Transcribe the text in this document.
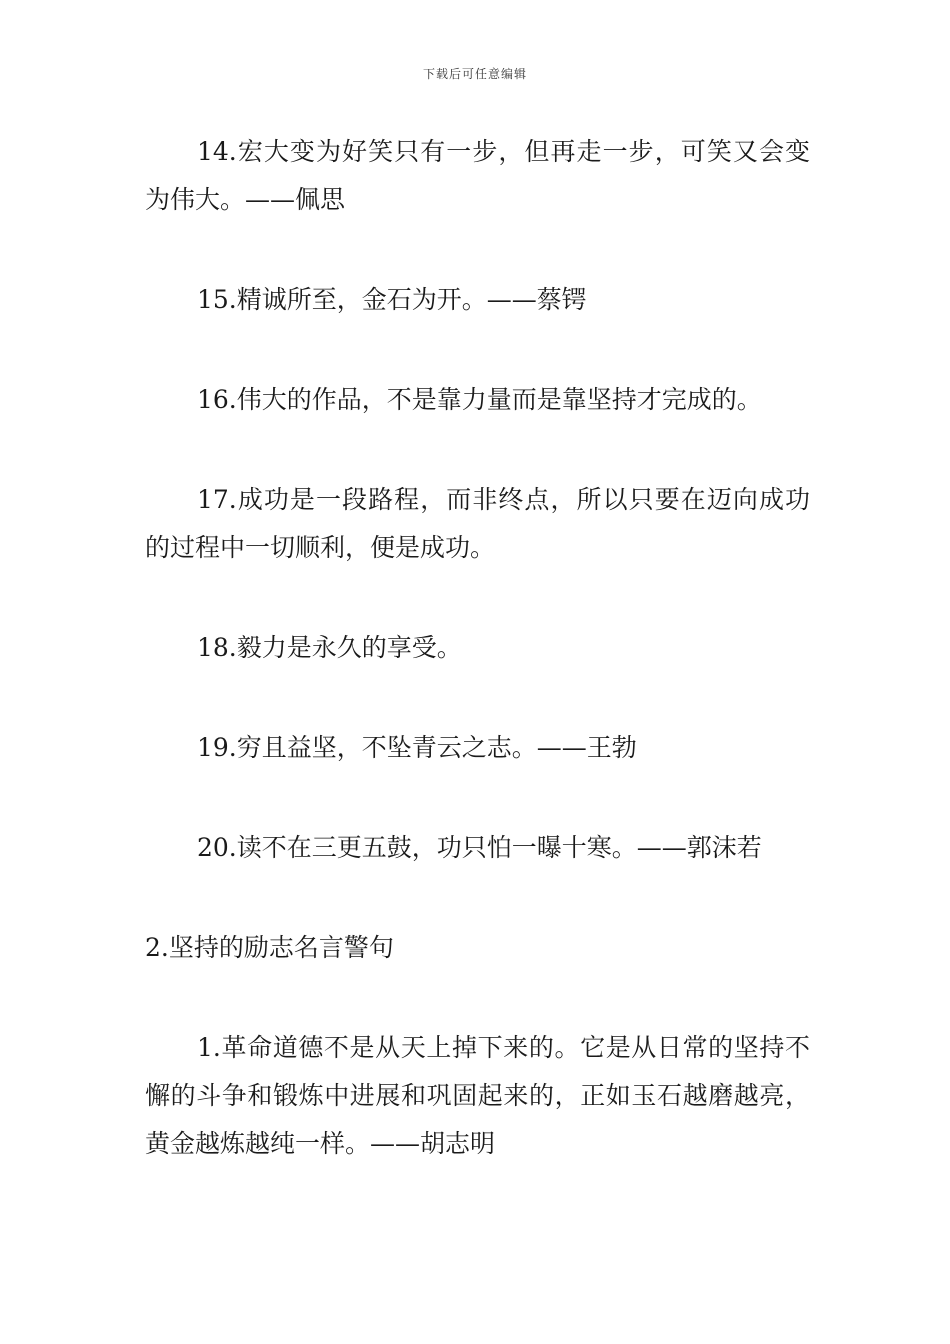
下载后可任意编辑

14.宏大变为好笑只有一步，但再走一步，可笑又会变为伟大。——佩思

15.精诚所至，金石为开。——蔡锷

16.伟大的作品，不是靠力量而是靠坚持才完成的。

17.成功是一段路程，而非终点，所以只要在迈向成功的过程中一切顺利，便是成功。

18.毅力是永久的享受。

19.穷且益坚，不坠青云之志。——王勃

20.读不在三更五鼓，功只怕一曝十寒。——郭沫若

2.坚持的励志名言警句

1.革命道德不是从天上掉下来的。它是从日常的坚持不懈的斗争和锻炼中进展和巩固起来的，正如玉石越磨越亮，黄金越炼越纯一样。——胡志明
